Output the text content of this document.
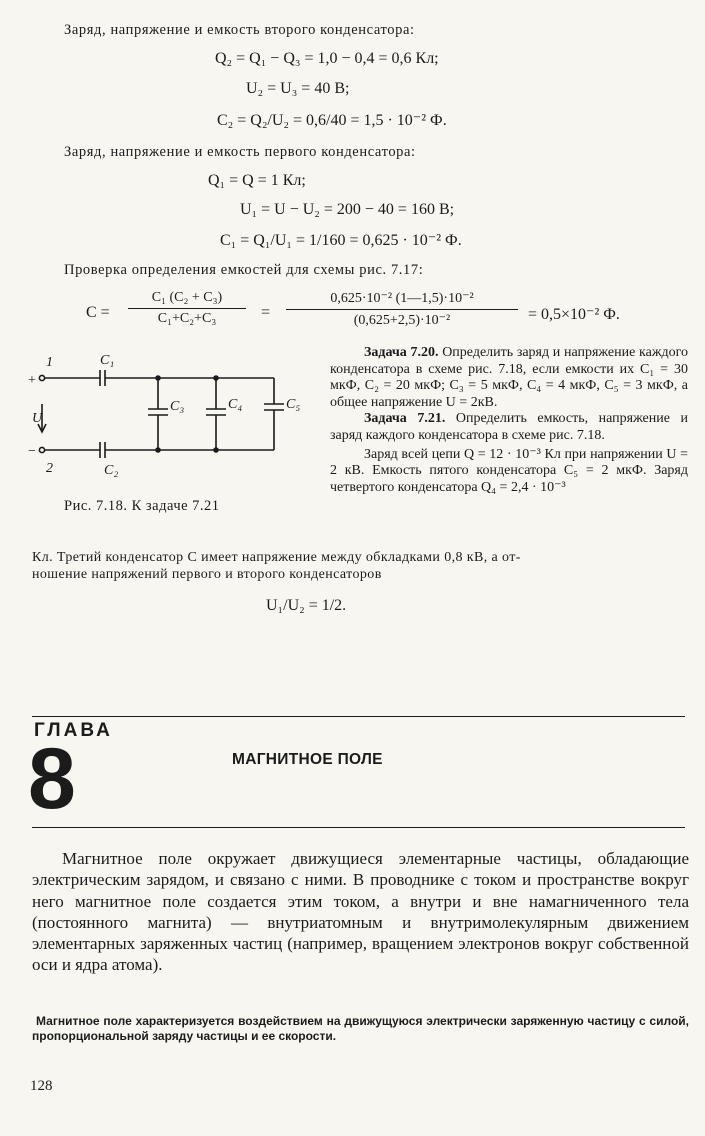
Заряд, напряжение и емкость второго конденсатора:
Q₂ = Q₁ − Q₃ = 1,0 − 0,4 = 0,6 Кл;
U₂ = U₃ = 40 В;
C₂ = Q₂/U₂ = 0,6/40 = 1,5 · 10⁻² Ф.
Заряд, напряжение и емкость первого конденсатора:
Q₁ = Q = 1 Кл;
U₁ = U − U₂ = 200 − 40 = 160 В;
C₁ = Q₁/U₁ = 1/160 = 0,625 · 10⁻² Ф.
Проверка определения емкостей для схемы рис. 7.17:
$C = \frac{\text{C₁ (C₂ + C₃)}}{\text{C₁+C₂+C₃}} = \frac{\text{0,625·10⁻² (1—1,5)·10⁻²}}{\text{(0,625+2,5)·10⁻²}} = 0,5\times 10^{-2}$ Ф.
U
1
2
+
−
C₁
C₂
C₃	C₄	C₅
Рис. 7.18. К задаче 7.21

Задача 7.20. Определить заряд и напряжение каждого конденсатора в схеме рис. 7.18, если емкости их C₁ = 30 мкФ, C₂ = 20 мкФ; C₃ = 5 мкФ, C₄ = 4 мкФ, C₅ = 3 мкФ, а общее напряжение U = 2кВ.

Задача 7.21. Определить емкость, напряжение и заряд каждого конденсатора в схеме рис. 7.18.

Заряд всей цепи Q = 12 · 10⁻³ Кл при напряжении U = 2 кВ. Емкость пятого конденсатора C₅ = 2 мкФ. Заряд четвертого конденсатора Q₄ = 2,4 · 10⁻³

Кл. Третий конденсатор C имеет напряжение между обкладками 0,8 кВ, а от-
ношение напряжений первого и второго конденсаторов
U₁/U₂ = 1/2.
ГЛАВА
8	МАГНИТНОЕ ПОЛЕ

Магнитное поле окружает движущиеся элементарные частицы, обладающие электрическим зарядом, и связано с ними. В проводнике с током и пространстве вокруг него магнитное поле создается этим током, а внутри и вне намагниченного тела (постоянного магнита) — внутриатомным и внутримолекулярным движением элементарных заряженных частиц (например, вращением электронов вокруг собственной оси и ядра атома).

Магнитное поле характеризуется воздействием на движущуюся электрически заряженную частицу с силой, пропорциональной заряду частицы и ее скорости.

128
